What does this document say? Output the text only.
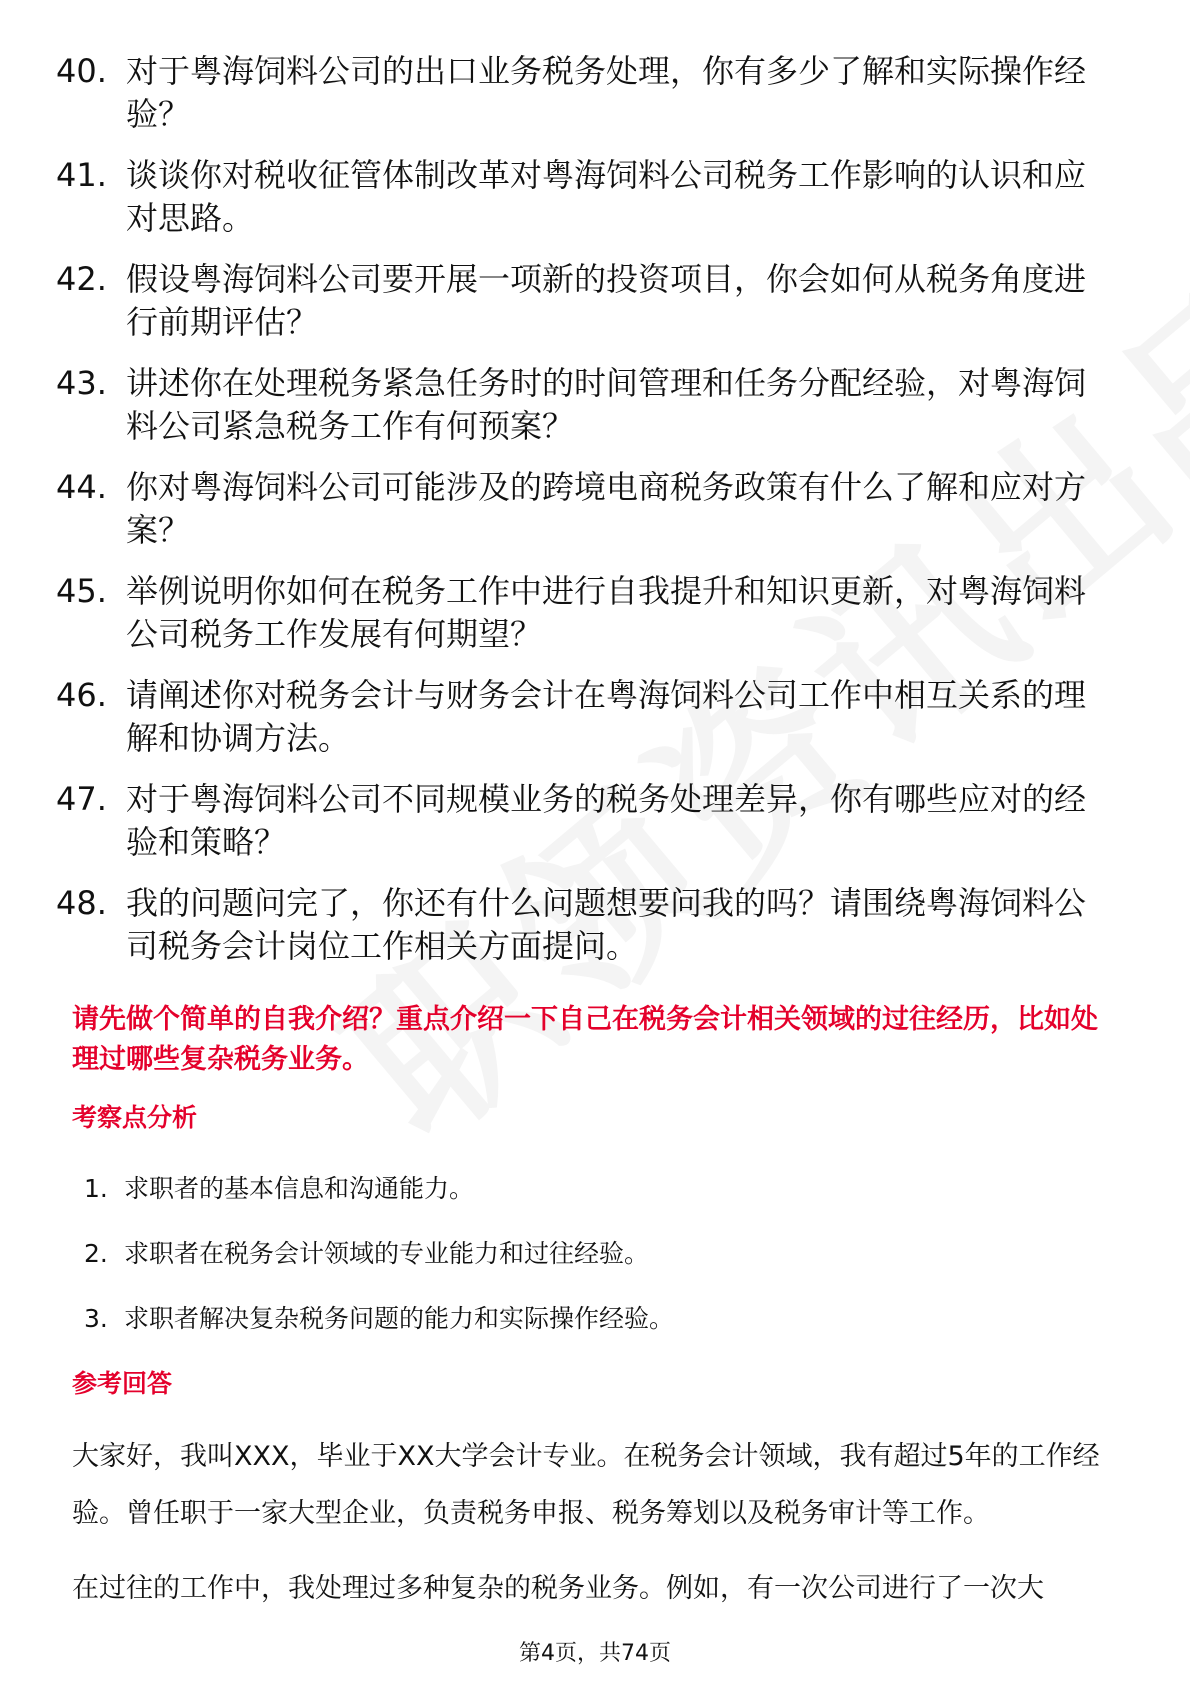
40. 对于粤海饲料公司的出口业务税务处理，你有多少了解和实际操作经验？
41. 谈谈你对税收征管体制改革对粤海饲料公司税务工作影响的认识和应对思路。
42. 假设粤海饲料公司要开展一项新的投资项目，你会如何从税务角度进行前期评估？
43. 讲述你在处理税务紧急任务时的时间管理和任务分配经验，对粤海饲料公司紧急税务工作有何预案？
44. 你对粤海饲料公司可能涉及的跨境电商税务政策有什么了解和应对方案？
45. 举例说明你如何在税务工作中进行自我提升和知识更新，对粤海饲料公司税务工作发展有何期望？
46. 请阐述你对税务会计与财务会计在粤海饲料公司工作中相互关系的理解和协调方法。
47. 对于粤海饲料公司不同规模业务的税务处理差异，你有哪些应对的经验和策略？
48. 我的问题问完了，你还有什么问题想要问我的吗？请围绕粤海饲料公司税务会计岗位工作相关方面提问。
请先做个简单的自我介绍？重点介绍一下自己在税务会计相关领域的过往经历，比如处理过哪些复杂税务业务。
考察点分析
1. 求职者的基本信息和沟通能力。
2. 求职者在税务会计领域的专业能力和过往经验。
3. 求职者解决复杂税务问题的能力和实际操作经验。
参考回答
大家好，我叫XXX，毕业于XX大学会计专业。在税务会计领域，我有超过5年的工作经验。曾任职于一家大型企业，负责税务申报、税务筹划以及税务审计等工作。
在过往的工作中，我处理过多种复杂的税务业务。例如，有一次公司进行了一次大
第4页，共74页
